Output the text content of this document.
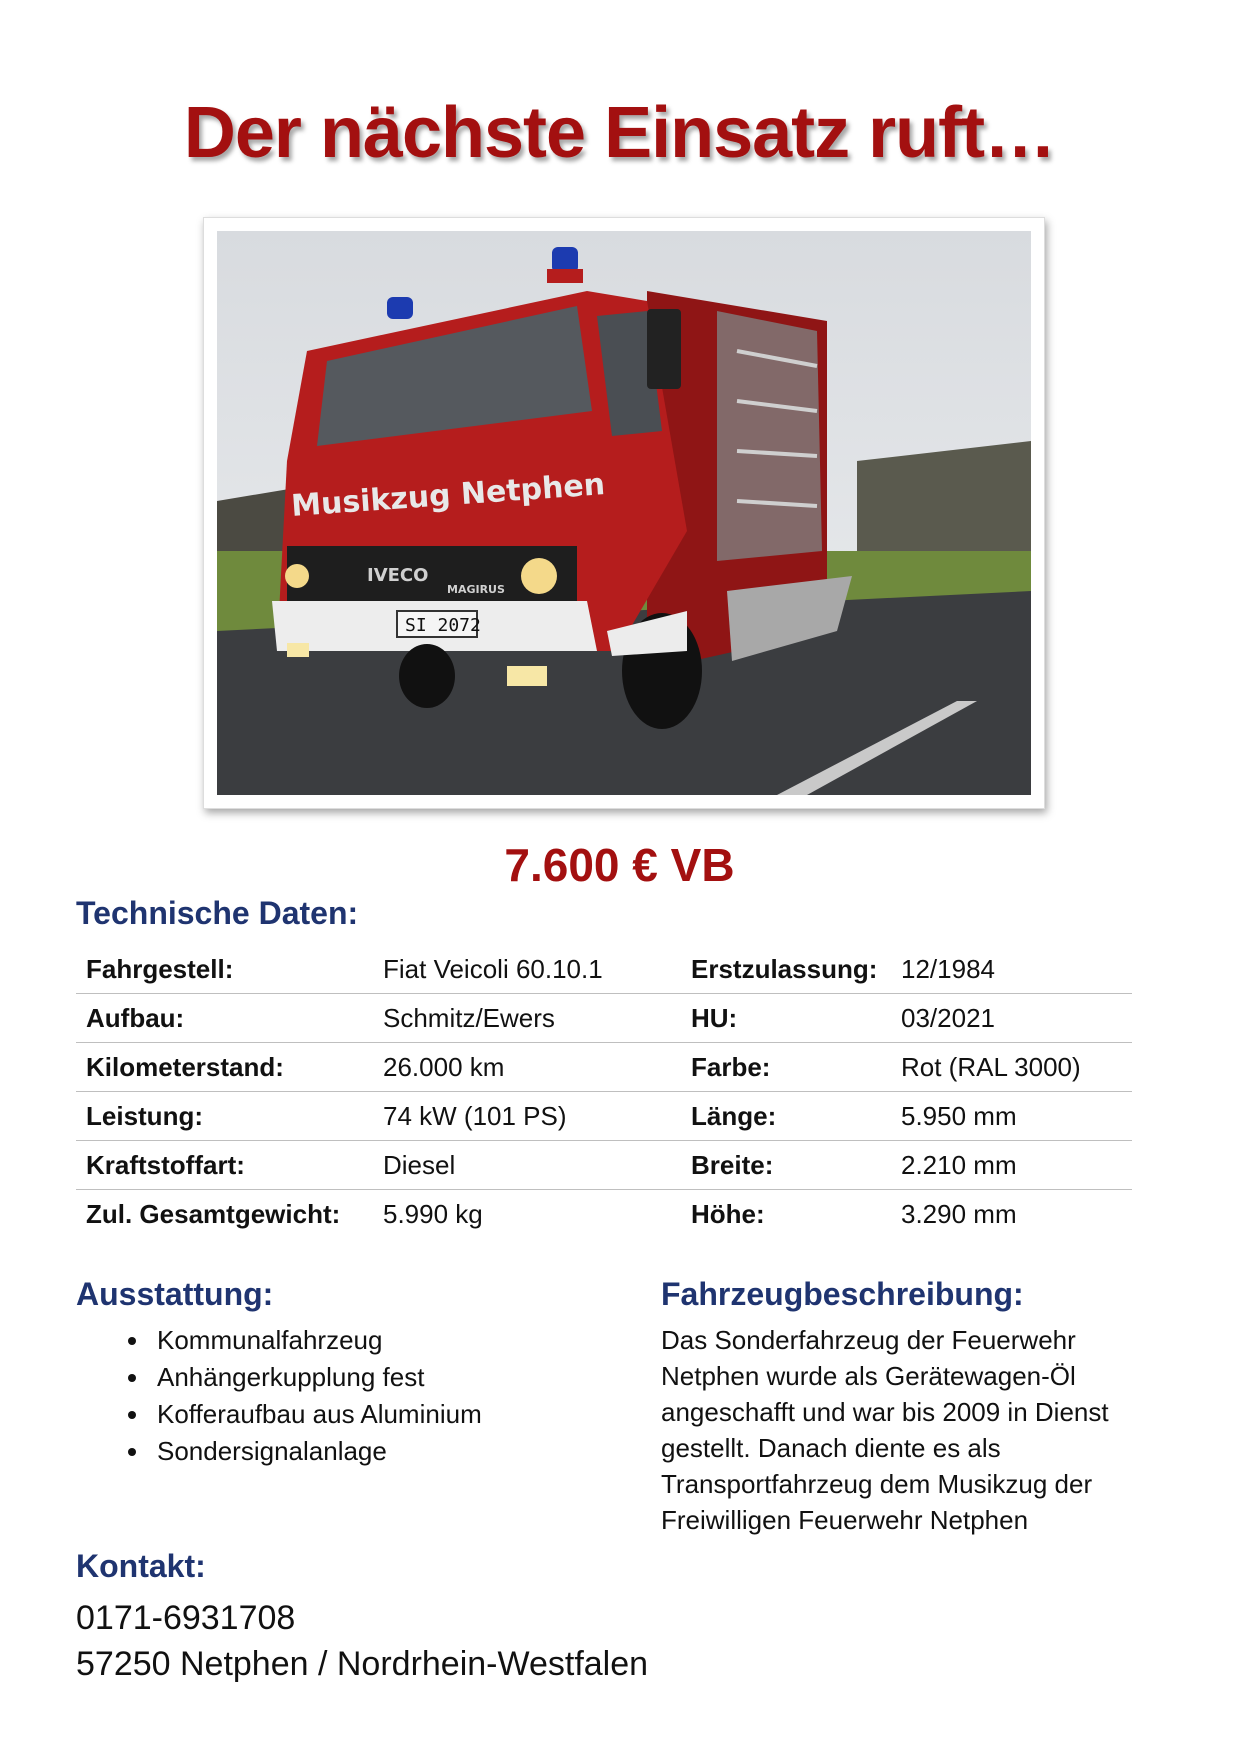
Der nächste Einsatz ruft…
Musikzug Netphen
IVECO
MAGIRUS
SI 2072
7.600 € VB
Technische Daten:
Fahrgestell:	Fiat Veicoli 60.10.1	Erstzulassung:	12/1984
Aufbau:	Schmitz/Ewers	HU:	03/2021
Kilometerstand:	26.000 km	Farbe:	Rot (RAL 3000)
Leistung:	74 kW (101 PS)	Länge:	5.950 mm
Kraftstoffart:	Diesel	Breite:	2.210 mm
Zul. Gesamtgewicht:	5.990 kg	Höhe:	3.290 mm
Ausstattung:
• Kommunalfahrzeug
• Anhängerkupplung fest
• Kofferaufbau aus Aluminium
• Sondersignalanlage
Fahrzeugbeschreibung:
Das Sonderfahrzeug der Feuerwehr Netphen wurde als Gerätewagen-Öl angeschafft und war bis 2009 in Dienst gestellt. Danach diente es als Transportfahrzeug dem Musikzug der Freiwilligen Feuerwehr Netphen
Kontakt:
0171-6931708
57250 Netphen / Nordrhein-Westfalen
